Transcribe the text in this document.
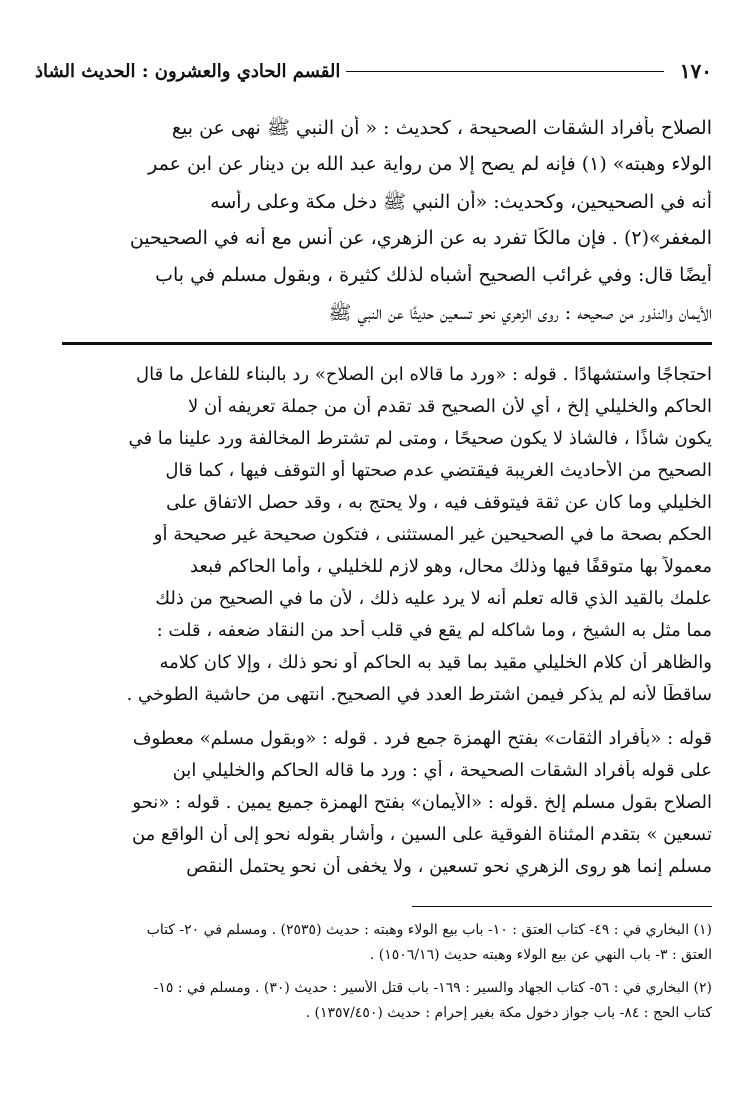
١٧٠
القسم الحادي والعشرون : الحديث الشاذ
الصلاح بأفراد الشقات الصحيحة ، كحديث : « أن النبي ﷺ نهى عن بيع
الولاء وهبته» (١) فإنه لم يصح إلا من رواية عبد الله بن دينار عن ابن عمر
أنه في الصحيحين، وكحديث: «أن النبي ﷺ دخل مكة وعلى رأسه
المغفر»(٢) . فإن مالكًا تفرد به عن الزهري، عن أنس مع أنه في الصحيحين
أيضًا قال: وفي غرائب الصحيح أشباه لذلك كثيرة ، وبقول مسلم في باب
الأيمان والنذور من صحيحه : روى الزهري نحو تسعين حديثًا عن النبي ﷺ
احتجاجًا واستشهادًا . قوله : «ورد ما قالاه ابن الصلاح» رد بالبناء للفاعل ما قال
الحاكم والخليلي إلخ ، أي لأن الصحيح قد تقدم أن من جملة تعريفه أن لا
يكون شاذًا ، فالشاذ لا يكون صحيحًا ، ومتى لم تشترط المخالفة ورد علينا ما في
الصحيح من الأحاديث الغريبة فيقتضي عدم صحتها أو التوقف فيها ، كما قال
الخليلي وما كان عن ثقة فيتوقف فيه ، ولا يحتج به ، وقد حصل الاتفاق على
الحكم بصحة ما في الصحيحين غير المستثنى ، فتكون صحيحة غير صحيحة أو
معمولاً بها متوقفًا فيها وذلك محال، وهو لازم للخليلي ، وأما الحاكم فبعد
علمك بالقيد الذي قاله تعلم أنه لا يرد عليه ذلك ، لأن ما في الصحيح من ذلك
مما مثل به الشيخ ، وما شاكله لم يقع في قلب أحد من النقاد ضعفه ، قلت :
والظاهر أن كلام الخليلي مقيد بما قيد به الحاكم أو نحو ذلك ، وإلا كان كلامه
ساقطًا لأنه لم يذكر فيمن اشترط العدد في الصحيح. انتهى من حاشية الطوخي .
قوله : «بأفراد الثقات» بفتح الهمزة جمع فرد . قوله : «وبقول مسلم» معطوف
على قوله بأفراد الشقات الصحيحة ، أي : ورد ما قاله الحاكم والخليلي ابن
الصلاح بقول مسلم إلخ .قوله : «الأيمان» بفتح الهمزة جميع يمين . قوله : «نحو
تسعين » بتقدم المثناة الفوقية على السين ، وأشار بقوله نحو إلى أن الواقع من
مسلم إنما هو روى الزهري نحو تسعين ، ولا يخفى أن نحو يحتمل النقص
(١) البخاري في : ٤٩- كتاب العتق : ١٠- باب بيع الولاء وهبته : حديث (٢٥٣٥) . ومسلم في ٢٠- كتاب
العتق : ٣- باب النهي عن بيع الولاء وهبته حديث (١٥٠٦/١٦) .
(٢) البخاري في : ٥٦- كتاب الجهاد والسير : ١٦٩- باب قتل الأسير : حديث (٣٠) . ومسلم في : ١٥-
كتاب الحج : ٨٤- باب جواز دخول مكة بغير إحرام : حديث (١٣٥٧/٤٥٠) .
